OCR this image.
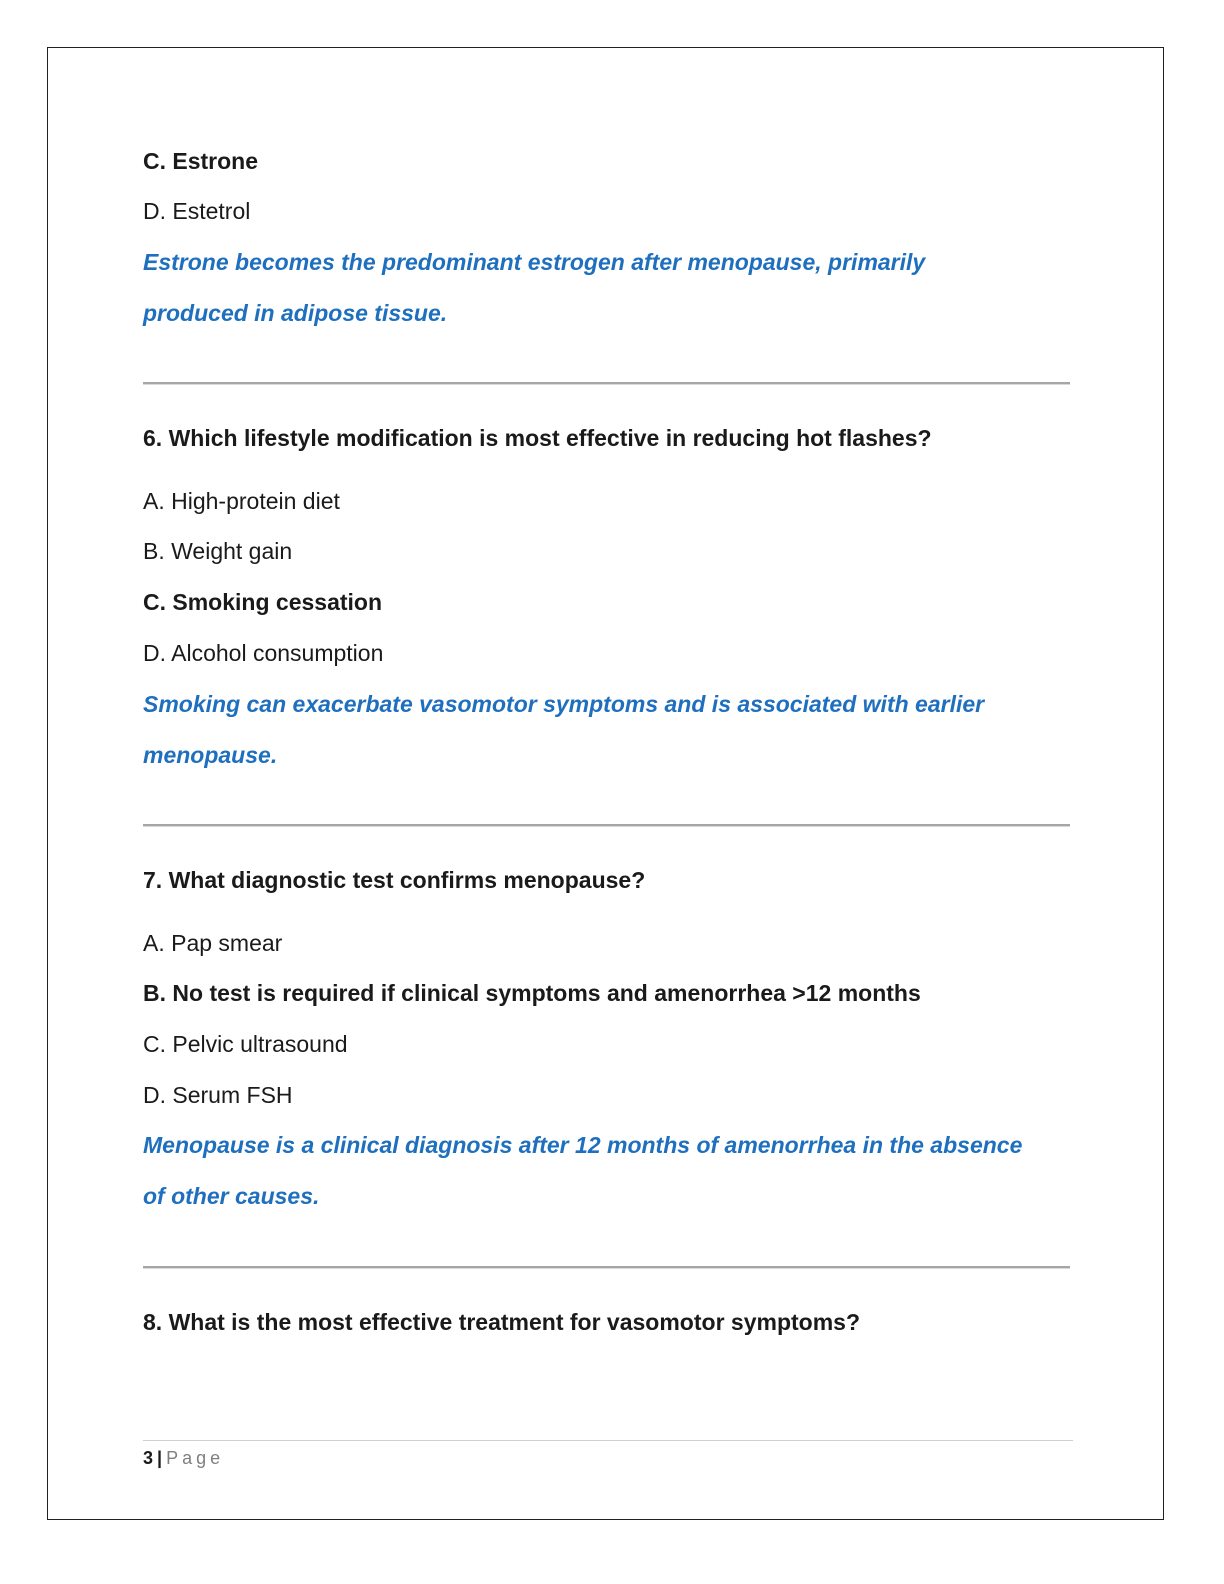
C. Estrone
D. Estetrol
Estrone becomes the predominant estrogen after menopause, primarily
produced in adipose tissue.
6. Which lifestyle modification is most effective in reducing hot flashes?
A. High-protein diet
B. Weight gain
C. Smoking cessation
D. Alcohol consumption
Smoking can exacerbate vasomotor symptoms and is associated with earlier
menopause.
7. What diagnostic test confirms menopause?
A. Pap smear
B. No test is required if clinical symptoms and amenorrhea >12 months
C. Pelvic ultrasound
D. Serum FSH
Menopause is a clinical diagnosis after 12 months of amenorrhea in the absence
of other causes.
8. What is the most effective treatment for vasomotor symptoms?
3 | Page
